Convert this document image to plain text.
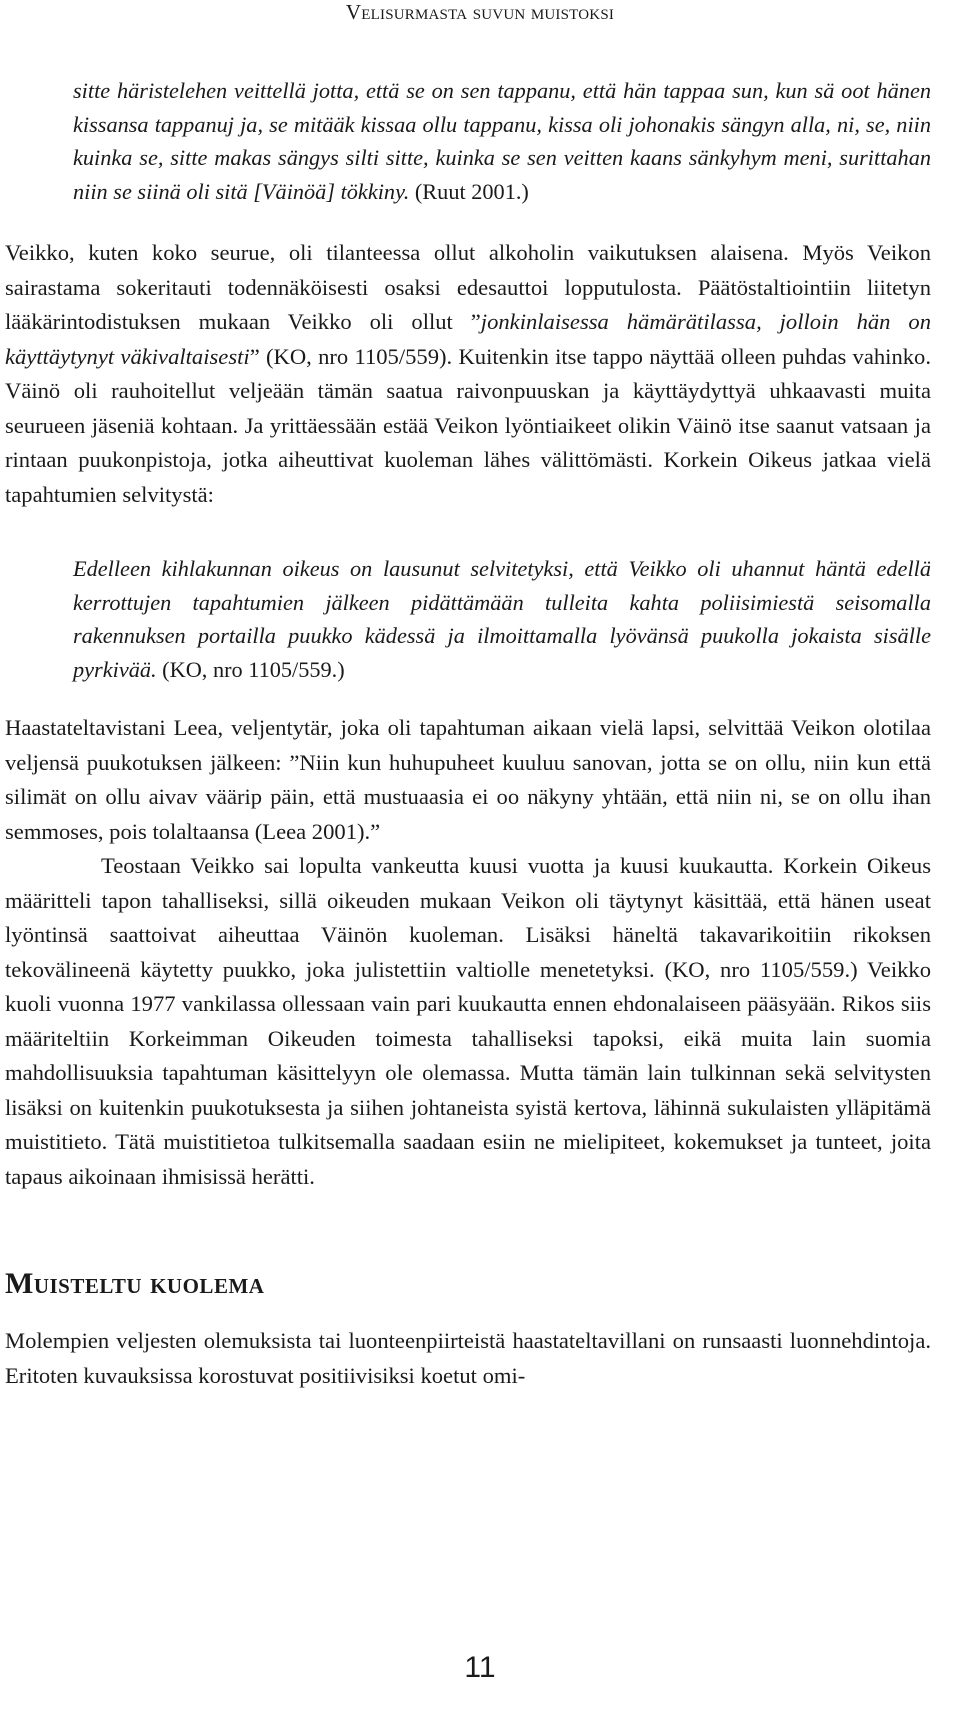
Velisurmasta suvun muistoksi

sitte häristelehen veittellä jotta, että se on sen tappanu, että hän tappaa sun, kun sä oot hänen kissansa tappanuj ja, se mitääk kissaa ollu tappanu, kissa oli johonakis sängyn alla, ni, se, niin kuinka se, sitte makas sängys silti sitte, kuinka se sen veitten kaans sänkyhym meni, surittahan niin se siinä oli sitä [Väinöä] tökkiny. (Ruut 2001.)

Veikko, kuten koko seurue, oli tilanteessa ollut alkoholin vaikutuksen alaisena. Myös Veikon sairastama sokeritauti todennäköisesti osaksi edesauttoi lopputulosta. Päätöstaltiointiin liitetyn lääkärintodistuksen mukaan Veikko oli ollut ”jonkinlaisessa hämärätilassa, jolloin hän on käyttäytynyt väkivaltaisesti” (KO, nro 1105/559). Kuitenkin itse tappo näyttää olleen puhdas vahinko. Väinö oli rauhoitellut veljeään tämän saatua raivonpuuskan ja käyttäydyttyä uhkaavasti muita seurueen jäseniä kohtaan. Ja yrittäessään estää Veikon lyöntiaikeet olikin Väinö itse saanut vatsaan ja rintaan puukonpistoja, jotka aiheuttivat kuoleman lähes välittömästi. Korkein Oikeus jatkaa vielä tapahtumien selvitystä:

Edelleen kihlakunnan oikeus on lausunut selvitetyksi, että Veikko oli uhannut häntä edellä kerrottujen tapahtumien jälkeen pidättämään tulleita kahta poliisimiestä seisomalla rakennuksen portailla puukko kädessä ja ilmoittamalla lyövänsä puukolla jokaista sisälle pyrkivää. (KO, nro 1105/559.)

Haastateltavistani Leea, veljentytär, joka oli tapahtuman aikaan vielä lapsi, selvittää Veikon olotilaa veljensä puukotuksen jälkeen: ”Niin kun huhupuheet kuuluu sanovan, jotta se on ollu, niin kun että silimät on ollu aivav väärip päin, että mustuaasia ei oo näkyny yhtään, että niin ni, se on ollu ihan semmoses, pois tolaltaansa (Leea 2001).”

Teostaan Veikko sai lopulta vankeutta kuusi vuotta ja kuusi kuukautta. Korkein Oikeus määritteli tapon tahalliseksi, sillä oikeuden mukaan Veikon oli täytynyt käsittää, että hänen useat lyöntinsä saattoivat aiheuttaa Väinön kuoleman. Lisäksi häneltä takavarikoitiin rikoksen tekovälineenä käytetty puukko, joka julistettiin valtiolle menetetyksi. (KO, nro 1105/559.) Veikko kuoli vuonna 1977 vankilassa ollessaan vain pari kuukautta ennen ehdonalaiseen pääsyään. Rikos siis määriteltiin Korkeimman Oikeuden toimesta tahalliseksi tapoksi, eikä muita lain suomia mahdollisuuksia tapahtuman käsittelyyn ole olemassa. Mutta tämän lain tulkinnan sekä selvitysten lisäksi on kuitenkin puukotuksesta ja siihen johtaneista syistä kertova, lähinnä sukulaisten ylläpitämä muistitieto. Tätä muistitietoa tulkitsemalla saadaan esiin ne mielipiteet, kokemukset ja tunteet, joita tapaus aikoinaan ihmisissä herätti.

Muisteltu kuolema

Molempien veljesten olemuksista tai luonteenpiirteistä haastateltavillani on runsaasti luonnehdintoja. Eritoten kuvauksissa korostuvat positiivisiksi koetut omi-

11
